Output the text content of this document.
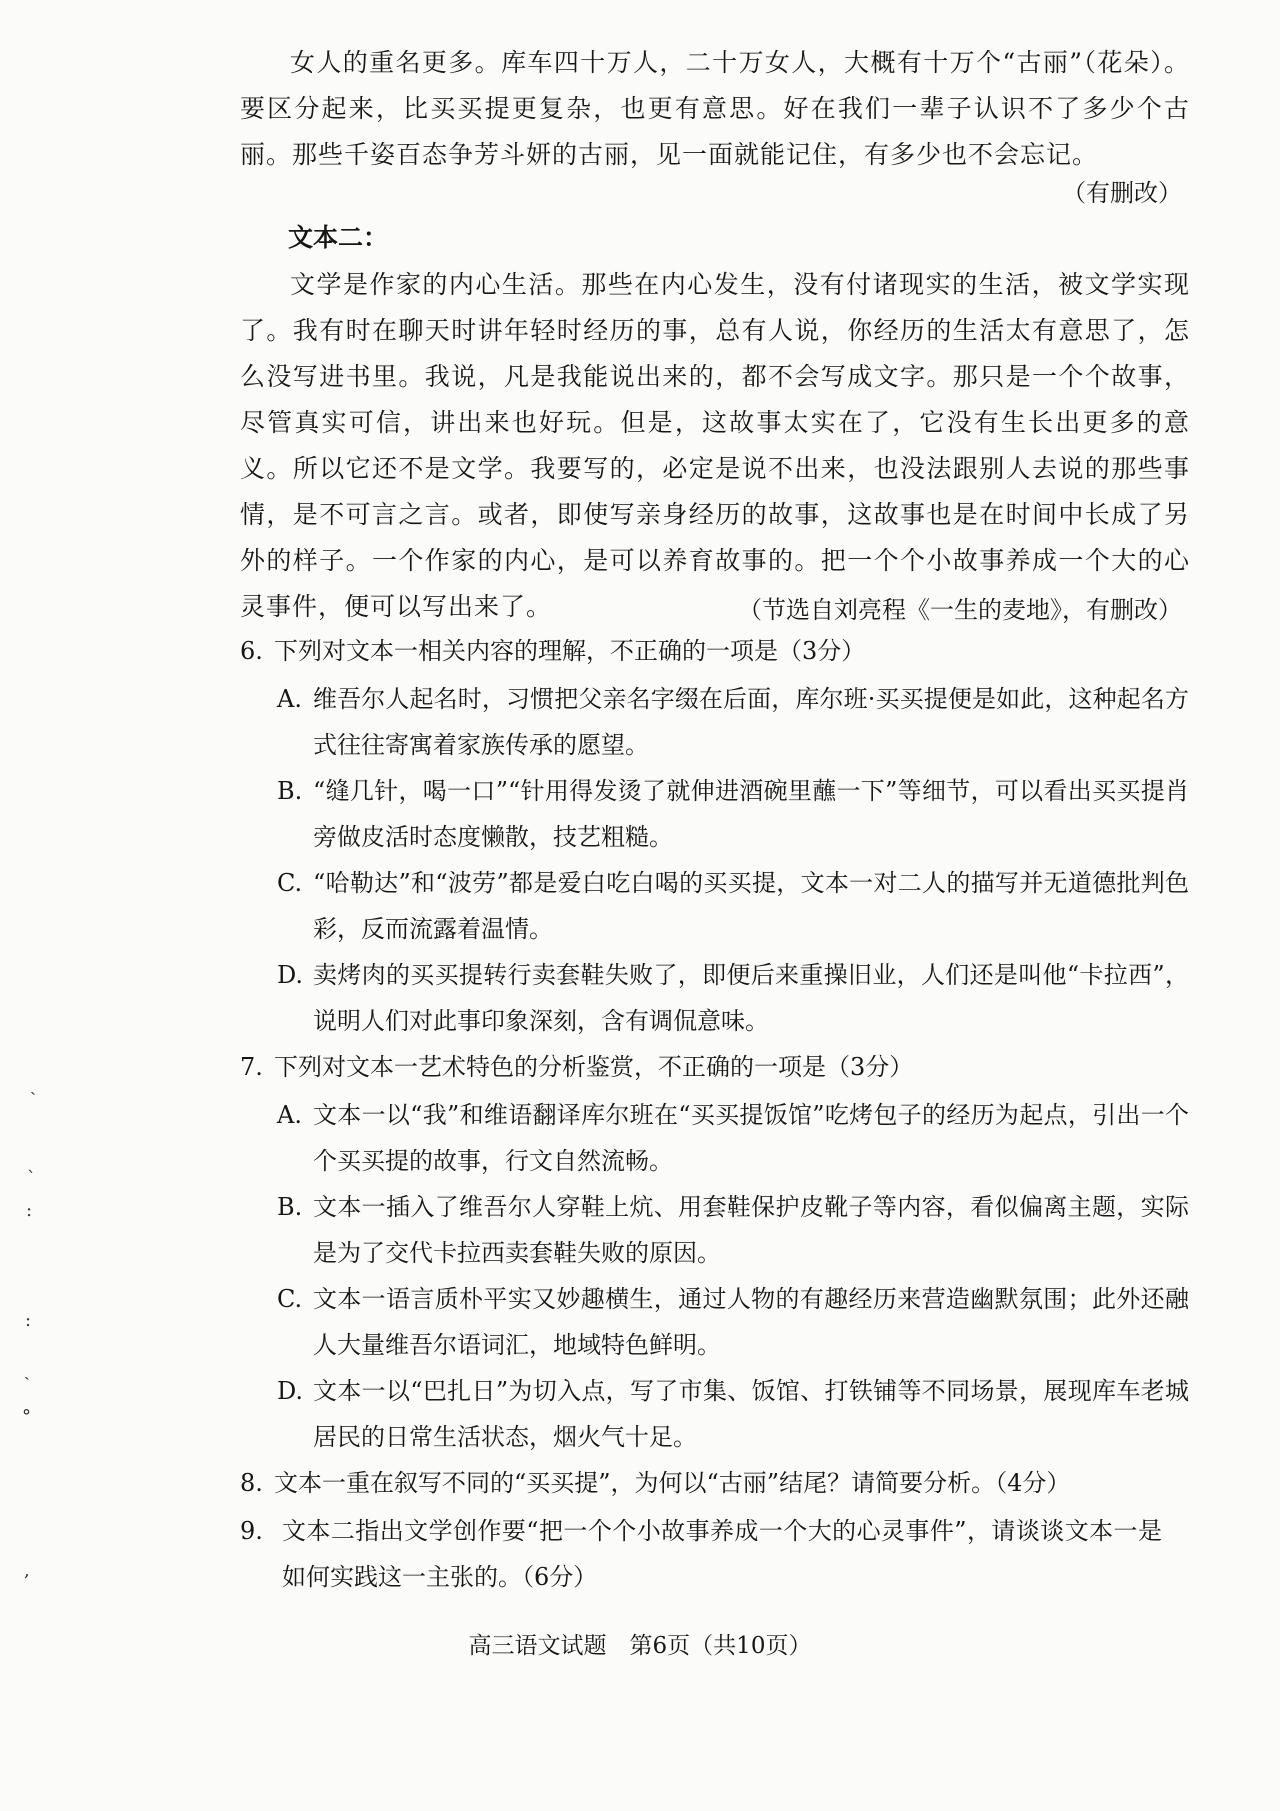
女人的重名更多。库车四十万人，二十万女人，大概有十万个“古丽”（花朵）。要区分起来，比买买提更复杂，也更有意思。好在我们一辈子认识不了多少个古丽。那些千姿百态争芳斗妍的古丽，见一面就能记住，有多少也不会忘记。
（有删改）
文本二：
文学是作家的内心生活。那些在内心发生，没有付诸现实的生活，被文学实现了。我有时在聊天时讲年轻时经历的事，总有人说，你经历的生活太有意思了，怎么没写进书里。我说，凡是我能说出来的，都不会写成文字。那只是一个个故事，尽管真实可信，讲出来也好玩。但是，这故事太实在了，它没有生长出更多的意义。所以它还不是文学。我要写的，必定是说不出来，也没法跟别人去说的那些事情，是不可言之言。或者，即使写亲身经历的故事，这故事也是在时间中长成了另外的样子。一个作家的内心，是可以养育故事的。把一个个小故事养成一个大的心灵事件，便可以写出来了。	（节选自刘亮程《一生的麦地》，有删改）
6. 下列对文本一相关内容的理解，不正确的一项是（3分）
A. 维吾尔人起名时，习惯把父亲名字缀在后面，库尔班·买买提便是如此，这种起名方式往往寄寓着家族传承的愿望。
B. “缝几针，喝一口”“针用得发烫了就伸进酒碗里蘸一下”等细节，可以看出买买提肖旁做皮活时态度懒散，技艺粗糙。
C. “哈勒达”和“波劳”都是爱白吃白喝的买买提，文本一对二人的描写并无道德批判色彩，反而流露着温情。
D. 卖烤肉的买买提转行卖套鞋失败了，即便后来重操旧业，人们还是叫他“卡拉西”，说明人们对此事印象深刻，含有调侃意味。
7. 下列对文本一艺术特色的分析鉴赏，不正确的一项是（3分）
A. 文本一以“我”和维语翻译库尔班在“买买提饭馆”吃烤包子的经历为起点，引出一个个买买提的故事，行文自然流畅。
B. 文本一插入了维吾尔人穿鞋上炕、用套鞋保护皮靴子等内容，看似偏离主题，实际是为了交代卡拉西卖套鞋失败的原因。
C. 文本一语言质朴平实又妙趣横生，通过人物的有趣经历来营造幽默氛围；此外还融人大量维吾尔语词汇，地域特色鲜明。
D. 文本一以“巴扎日”为切入点，写了市集、饭馆、打铁铺等不同场景，展现库车老城居民的日常生活状态，烟火气十足。
8. 文本一重在叙写不同的“买买提”，为何以“古丽”结尾？请简要分析。（4分）
9. 文本二指出文学创作要“把一个个小故事养成一个大的心灵事件”，请谈谈文本一是如何实践这一主张的。（6分）
高三语文试题　第6页（共10页）
ˎ
ˋ
:
:
ˏ
°
,
